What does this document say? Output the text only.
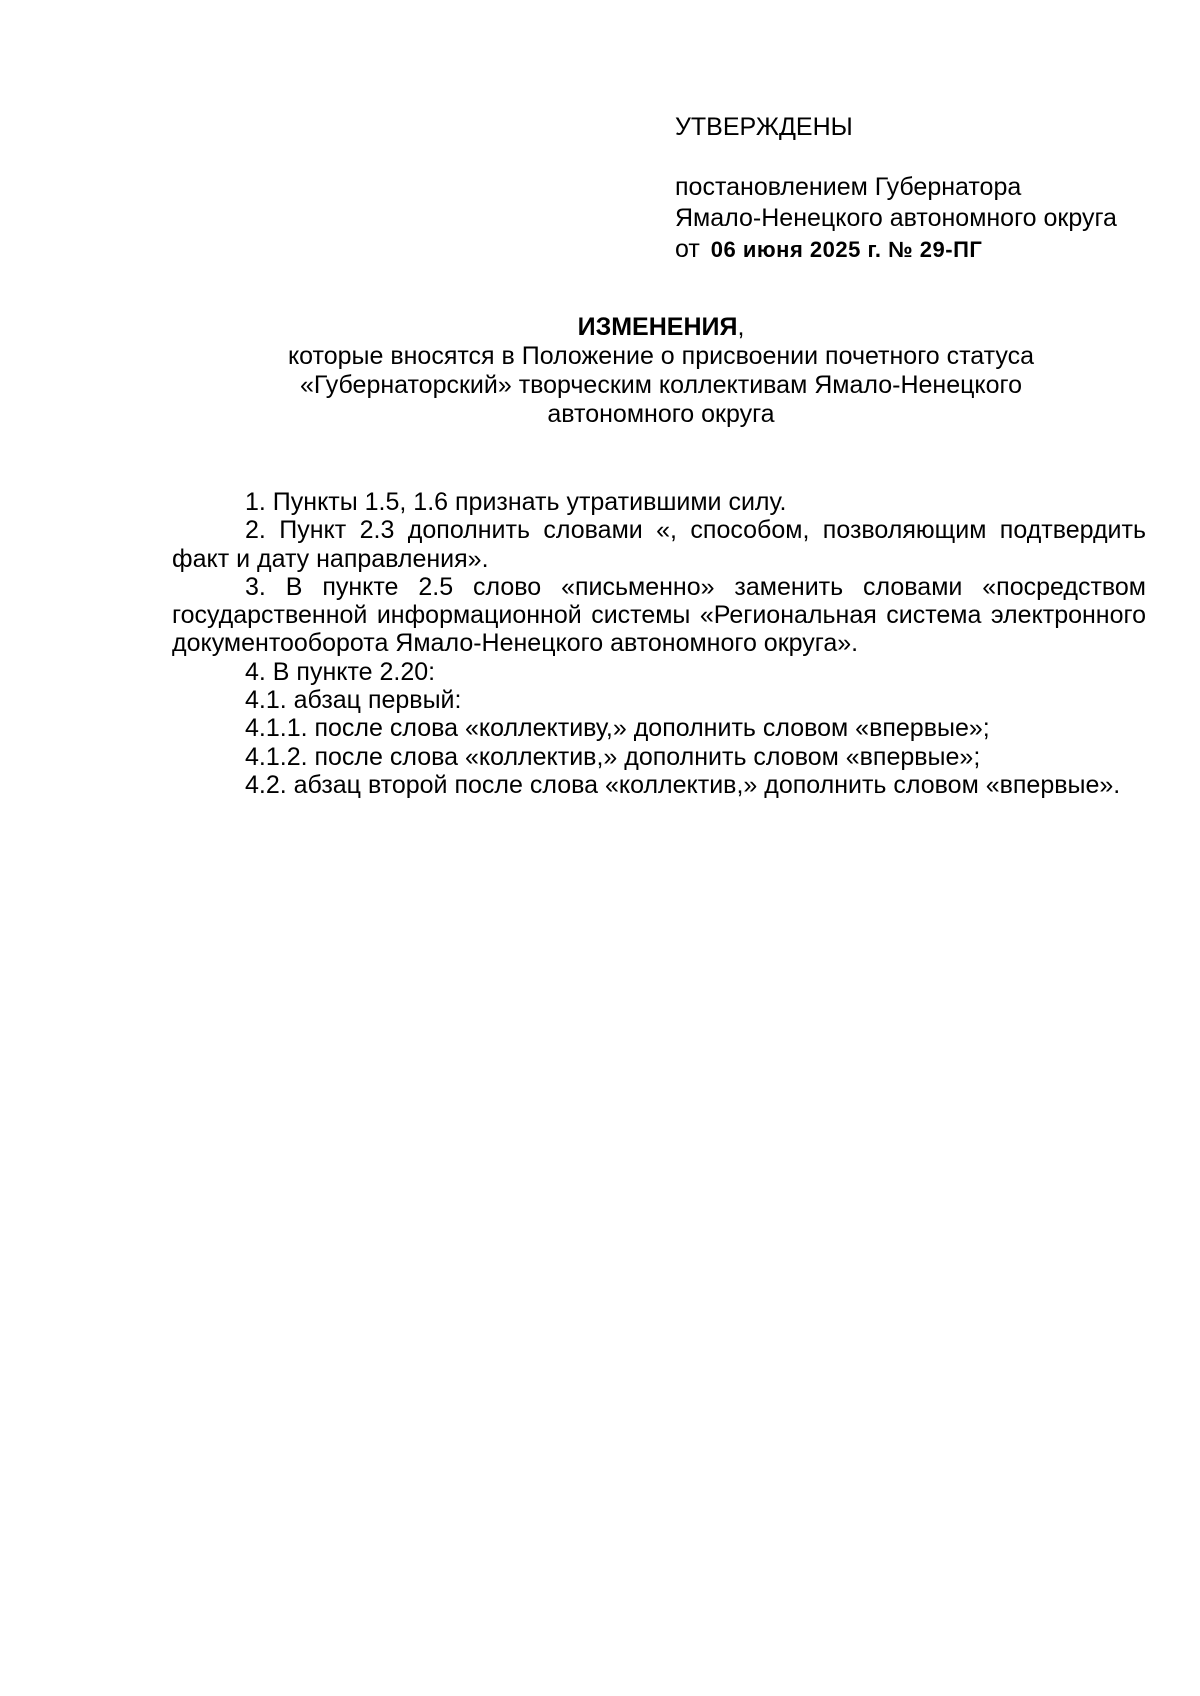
УТВЕРЖДЕНЫ
постановлением Губернатора
Ямало-Ненецкого автономного округа
от 06 июня 2025 г. № 29-ПГ
ИЗМЕНЕНИЯ,
которые вносятся в Положение о присвоении почетного статуса
«Губернаторский» творческим коллективам Ямало-Ненецкого
автономного округа

1. Пункты 1.5, 1.6 признать утратившими силу.

2. Пункт 2.3 дополнить словами «, способом, позволяющим подтвердить факт и дату направления».

3. В пункте 2.5 слово «письменно» заменить словами «посредством государственной информационной системы «Региональная система электронного документооборота Ямало-Ненецкого автономного округа».

4. В пункте 2.20:

4.1. абзац первый:

4.1.1. после слова «коллективу,» дополнить словом «впервые»;

4.1.2. после слова «коллектив,» дополнить словом «впервые»;

4.2. абзац второй после слова «коллектив,» дополнить словом «впервые».
